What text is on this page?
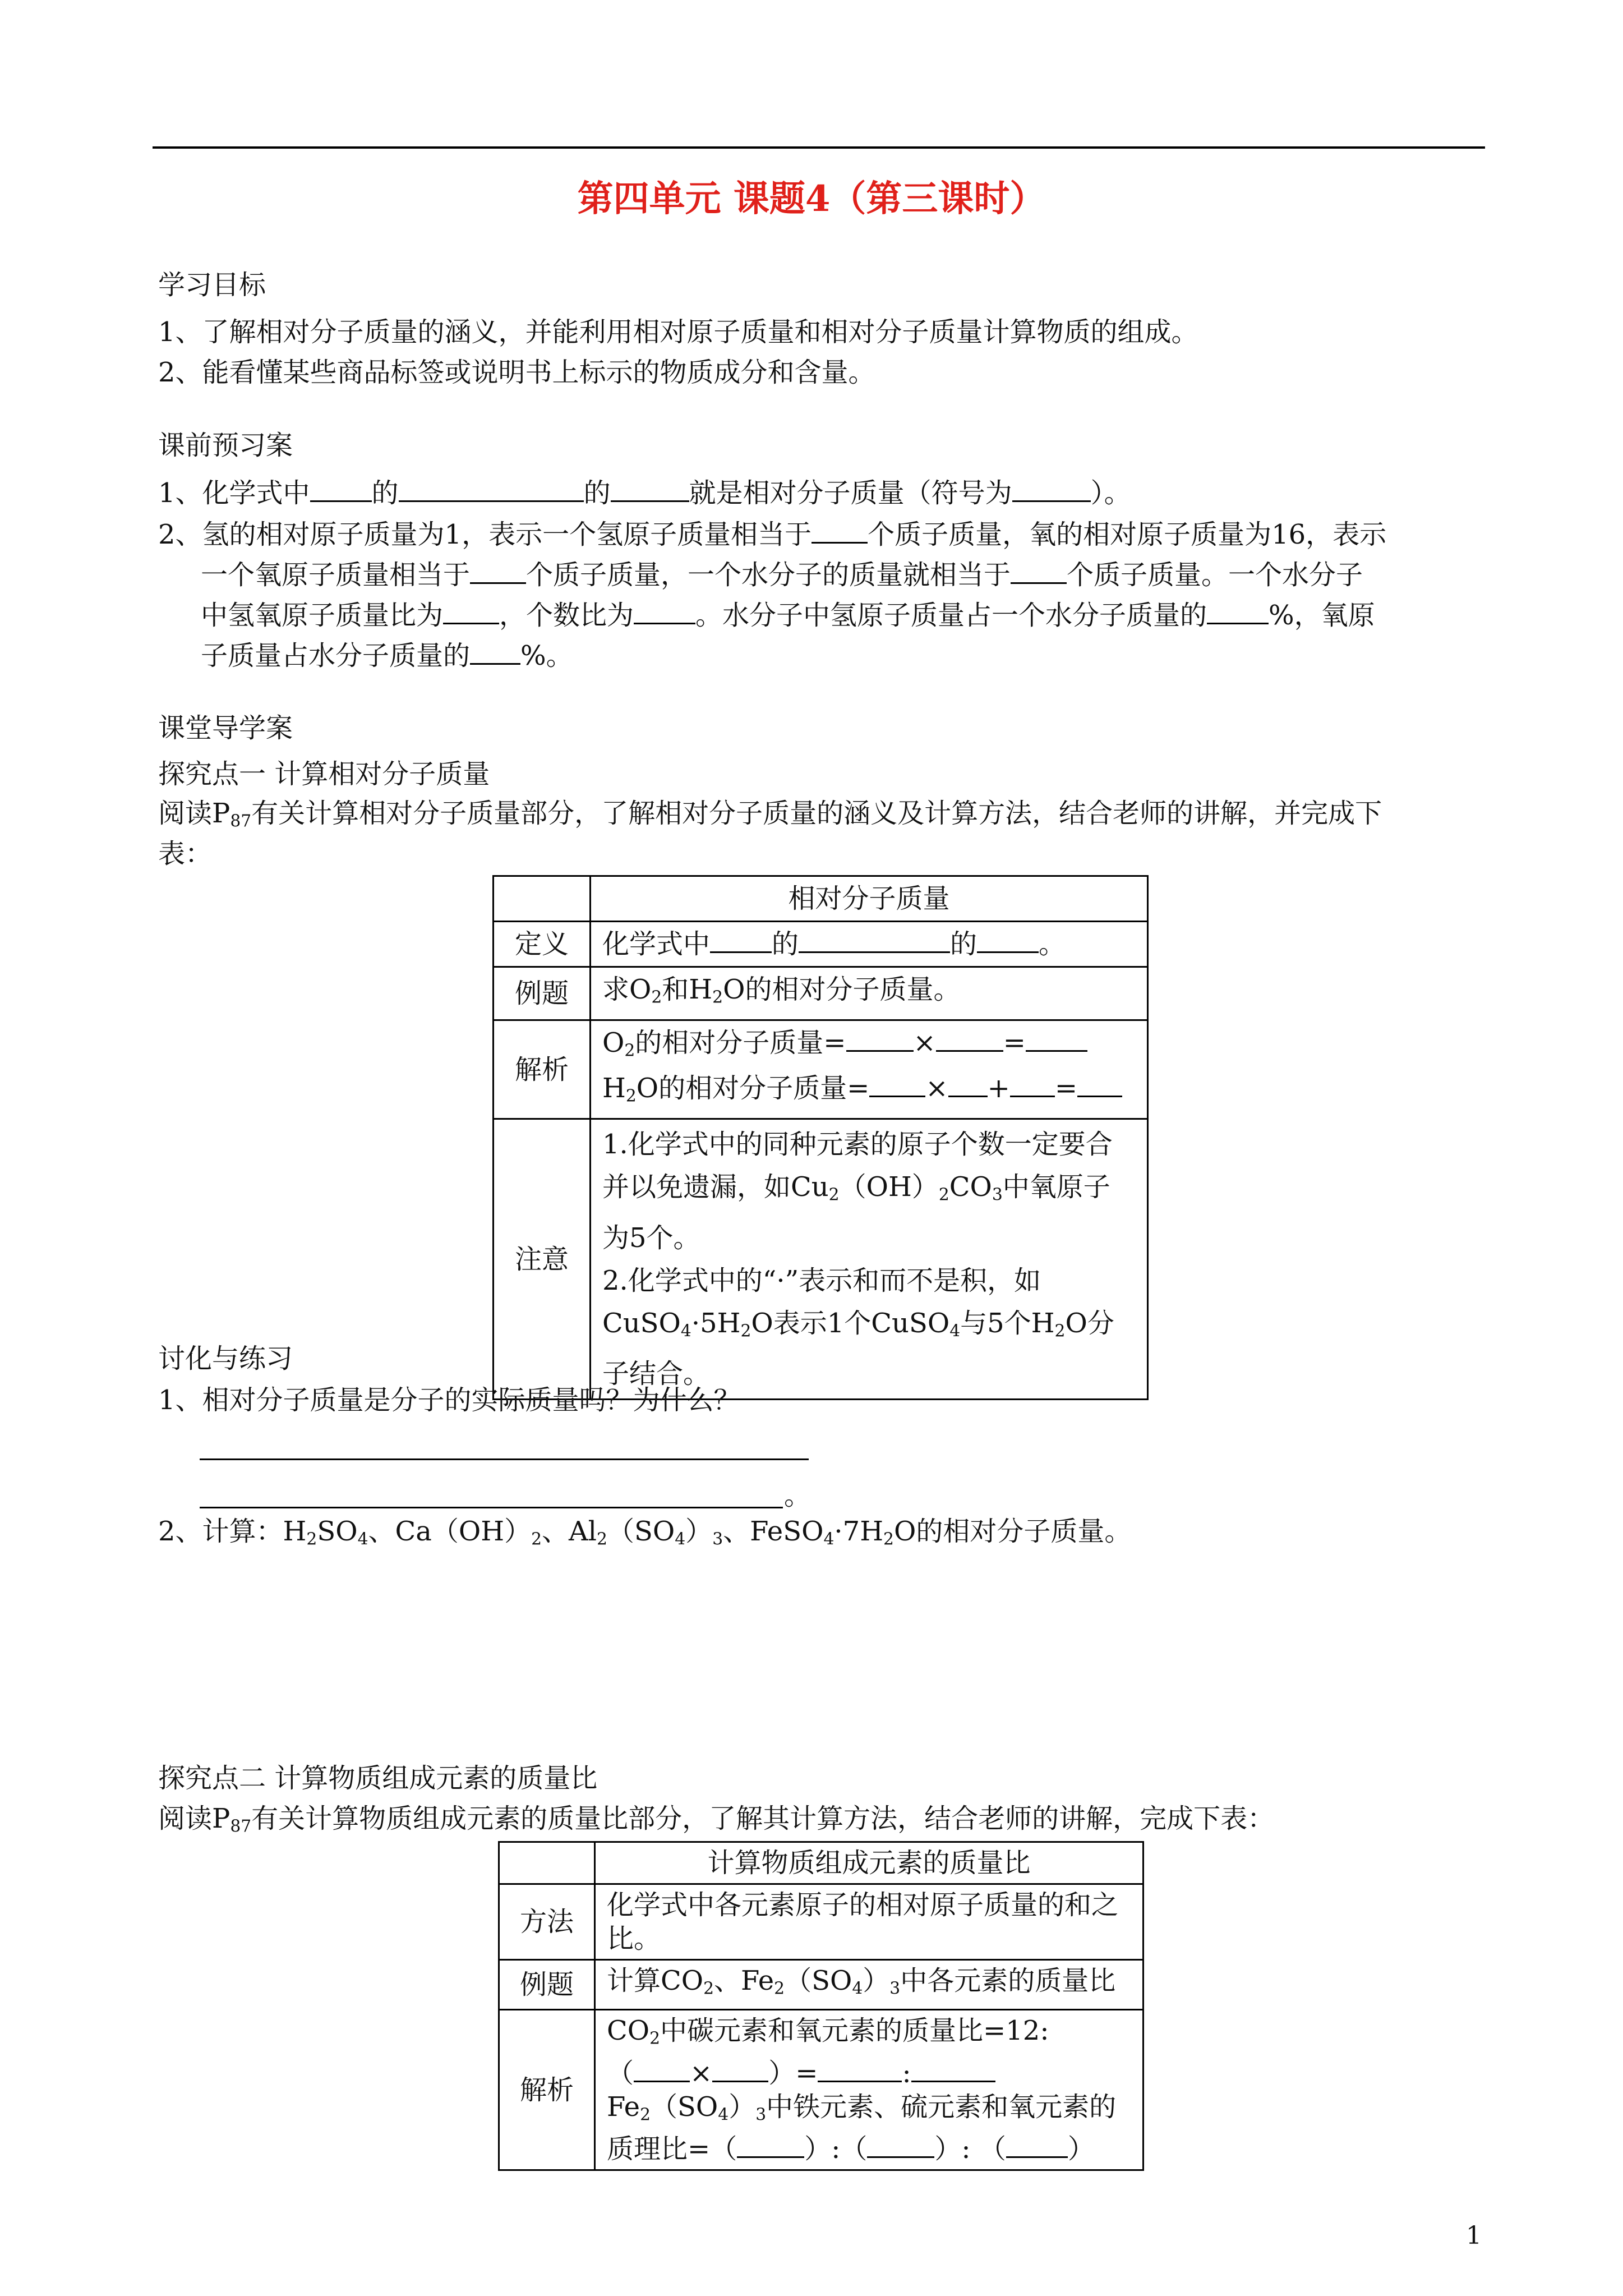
第四单元 课题4（第三课时）
学习目标
1、了解相对分子质量的涵义，并能利用相对原子质量和相对分子质量计算物质的组成。
2、能看懂某些商品标签或说明书上标示的物质成分和含量。
课前预习案
1、化学式中 的	的	就是相对分子质量（符号为	）。
2、氢的相对原子质量为1，表示一个氢原子质量相当于 个质子质量，氧的相对原子质量为16，表示
一个氧原子质量相当于 个质子质量，一个水分子的质量就相当于 个质子质量。一个水分子
中氢氧原子质量比为 ，个数比为 。水分子中氢原子质量占一个水分子质量的 %，氧原
子质量占水分子质量的 %。
课堂导学案
探究点一 计算相对分子质量
阅读$P_{87}$有关计算相对分子质量部分，了解相对分子质量的涵义及计算方法，结合老师的讲解，并完成下
表：
	相对分子质量
定义	化学式中 的 的 。
例题	求$O_2$和$H_2O$的相对分子质量。
解析	$O_2$的相对分子质量= × =
$H_2O$的相对分子质量= × + =

注意	1.化学式中的同种元素的原子个数一定要合并以免遗漏，如$Cu_2(OH)_2CO_3$中氧原子为5个。
2.化学式中的“·”表示和而不是积，如$CuSO_4\cdot 5H_2O$表示1个CuSO$_4$与5个$H_2O$分子结合。
讨化与练习
1、相对分子质量是分子的实际质量吗？为什么？
。
2、计算：$H_2SO_4$、$Ca(OH)_2$、$Al_2(SO_4)_3$、$FeSO_4\cdot 7H_2O$的相对分子质量。
探究点二 计算物质组成元素的质量比
阅读$P_{87}$有关计算物质组成元素的质量比部分，了解其计算方法，结合老师的讲解，完成下表：
	计算物质组成元素的质量比
方法	化学式中各元素原子的相对原子质量的和之比。
例题	计算$CO_2$、$Fe_2(SO_4)_3$中各元素的质量比
解析	$CO_2$中碳元素和氧元素的质量比=12:
（ × ）= :
$Fe_2(SO_4)_3$中铁元素、硫元素和氧元素的
质理比=（ ）:（ ）: （ ）
1
